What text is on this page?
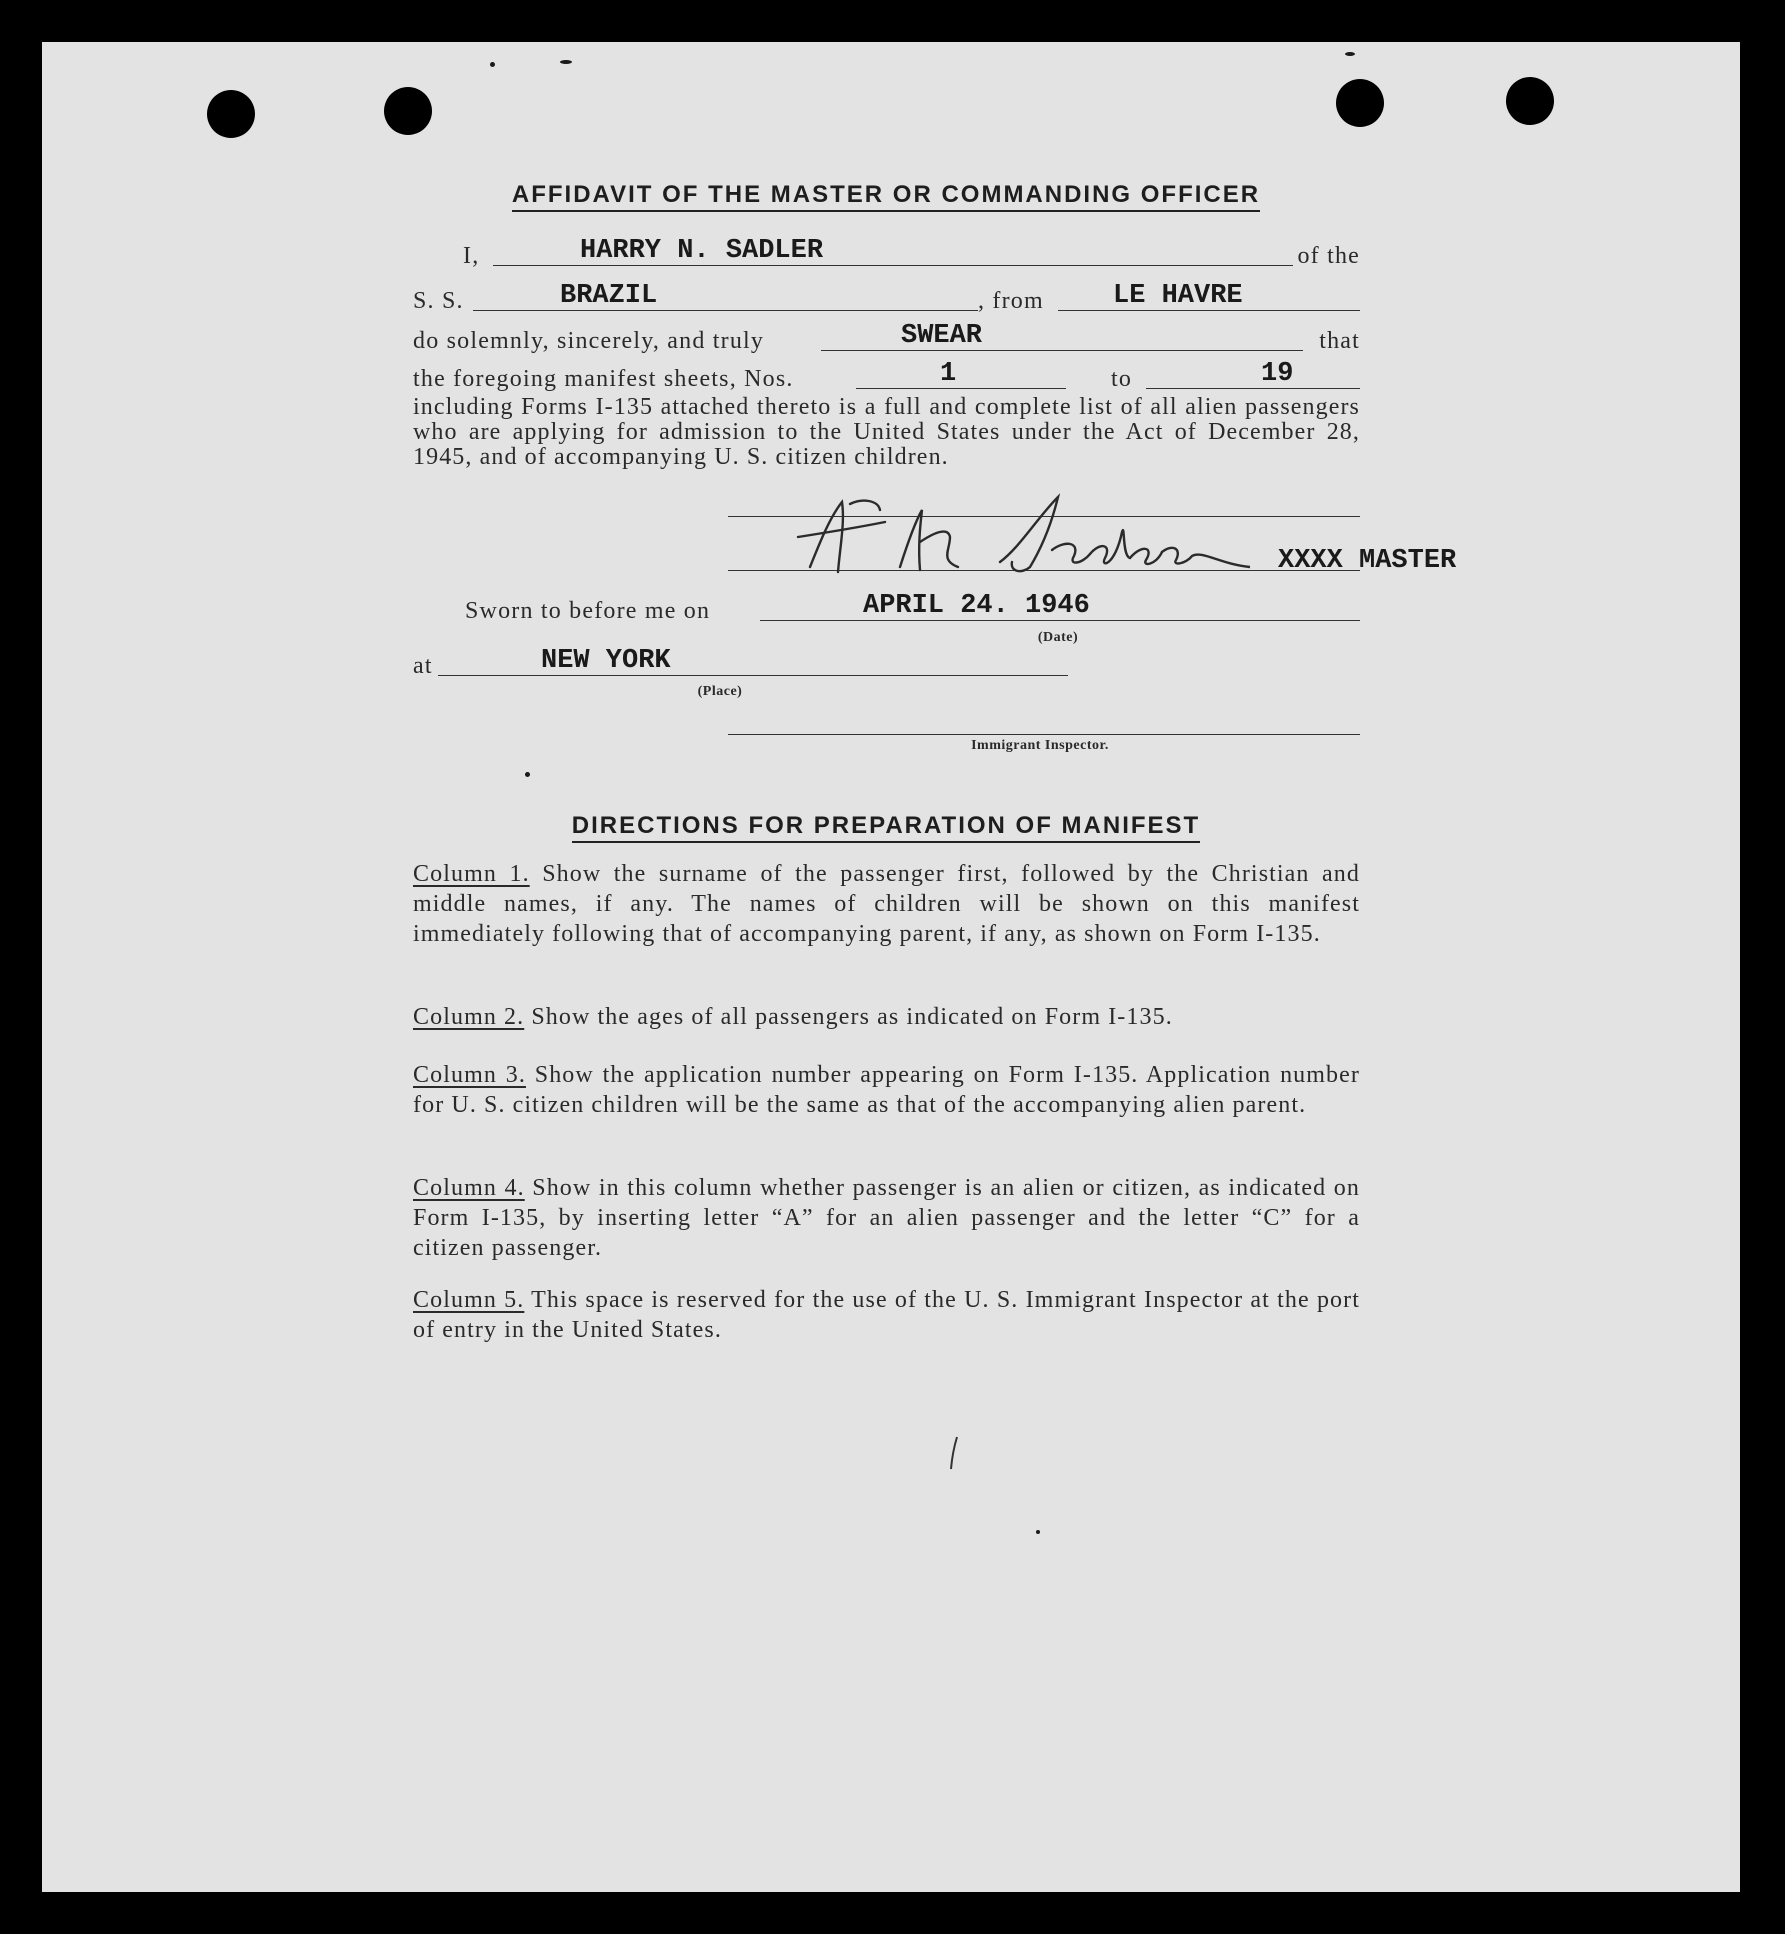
AFFIDAVIT OF THE MASTER OR COMMANDING OFFICER
I,	HARRY N. SADLER	of the
S. S.	BRAZIL	, from	LE HAVRE
do solemnly, sincerely, and truly	SWEAR	that
the foregoing manifest sheets, Nos.	1	to	19
including Forms I-135 attached thereto is a full and complete list of all alien passengers who are applying for admission to the United States under the Act of December 28, 1945, and of accompanying U. S. citizen children.
XXXX MASTER
Sworn to before me on	APRIL 24. 1946
(Date)
at	NEW YORK
(Place)
Immigrant Inspector.
DIRECTIONS FOR PREPARATION OF MANIFEST
Column 1. Show the surname of the passenger first, followed by the Christian and middle names, if any. The names of children will be shown on this manifest immediately following that of accompanying parent, if any, as shown on Form I-135.
Column 2. Show the ages of all passengers as indicated on Form I-135.
Column 3. Show the application number appearing on Form I-135. Application number for U. S. citizen children will be the same as that of the accompanying alien parent.
Column 4. Show in this column whether passenger is an alien or citizen, as indicated on Form I-135, by inserting letter “A” for an alien passenger and the letter “C” for a citizen passenger.
Column 5. This space is reserved for the use of the U. S. Immigrant Inspector at the port of entry in the United States.
